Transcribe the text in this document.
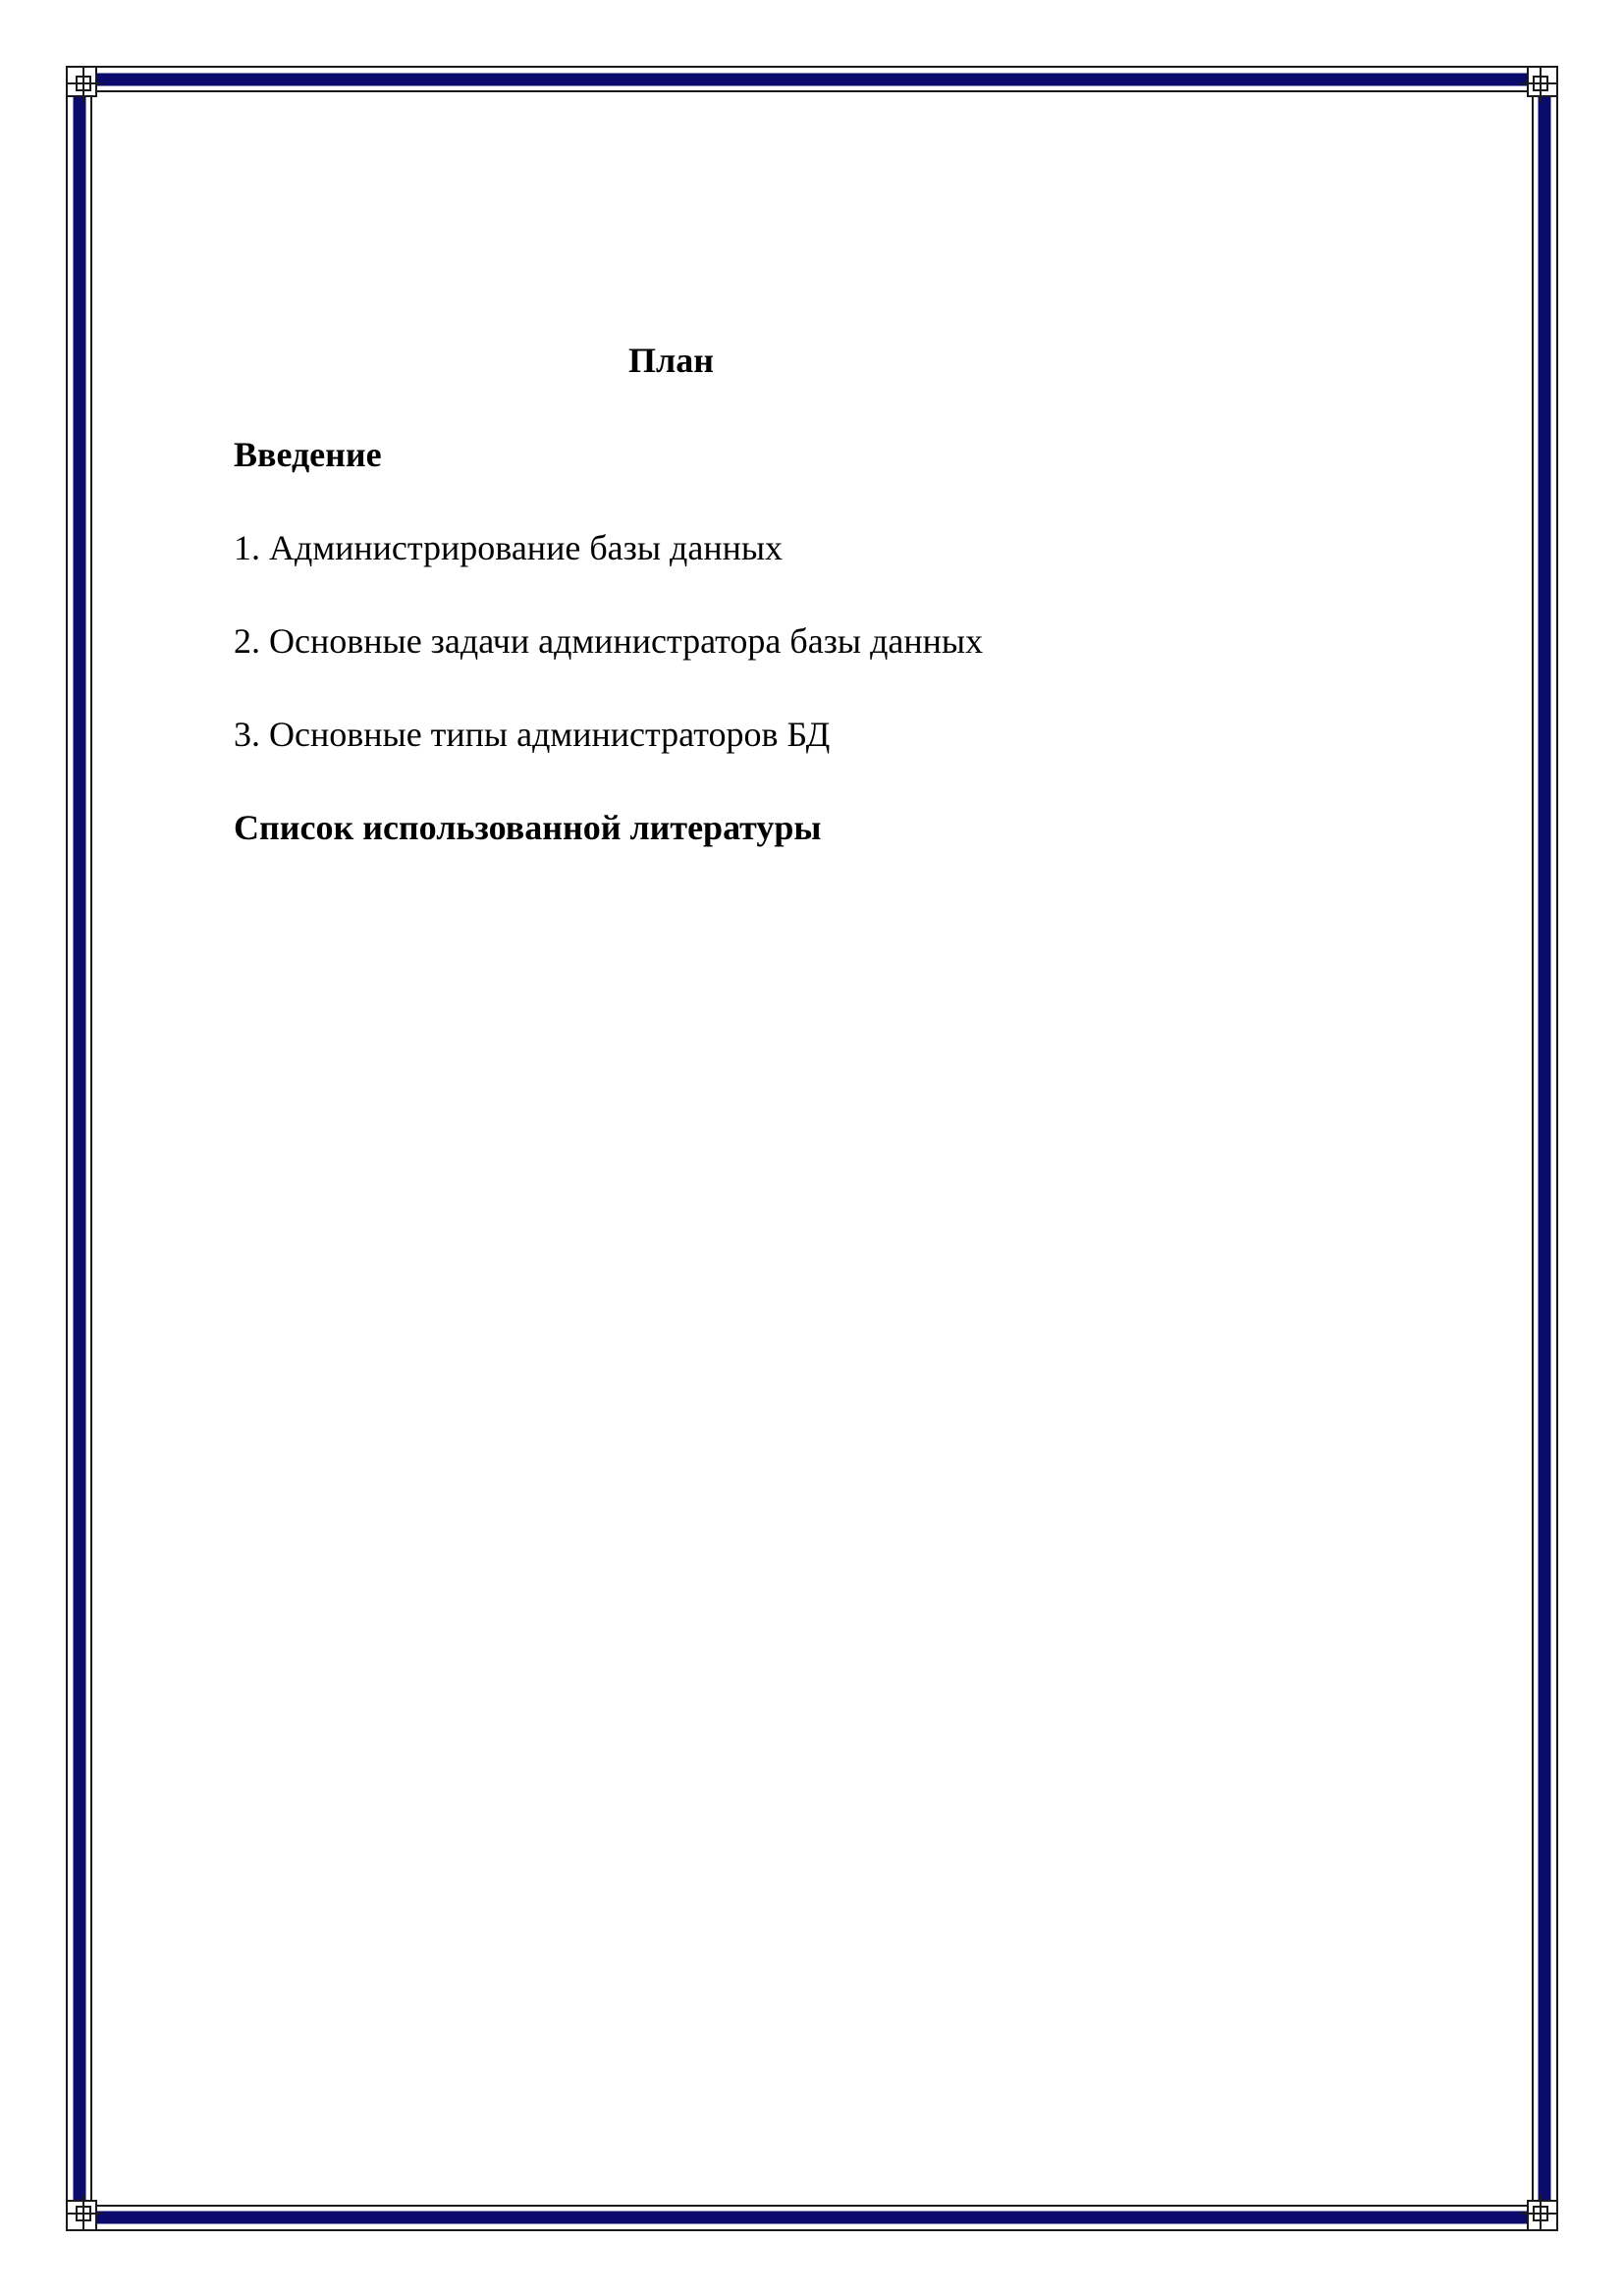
План
Введение
1. Администрирование базы данных
2. Основные задачи администратора базы данных
3. Основные типы администраторов БД
Список использованной литературы
